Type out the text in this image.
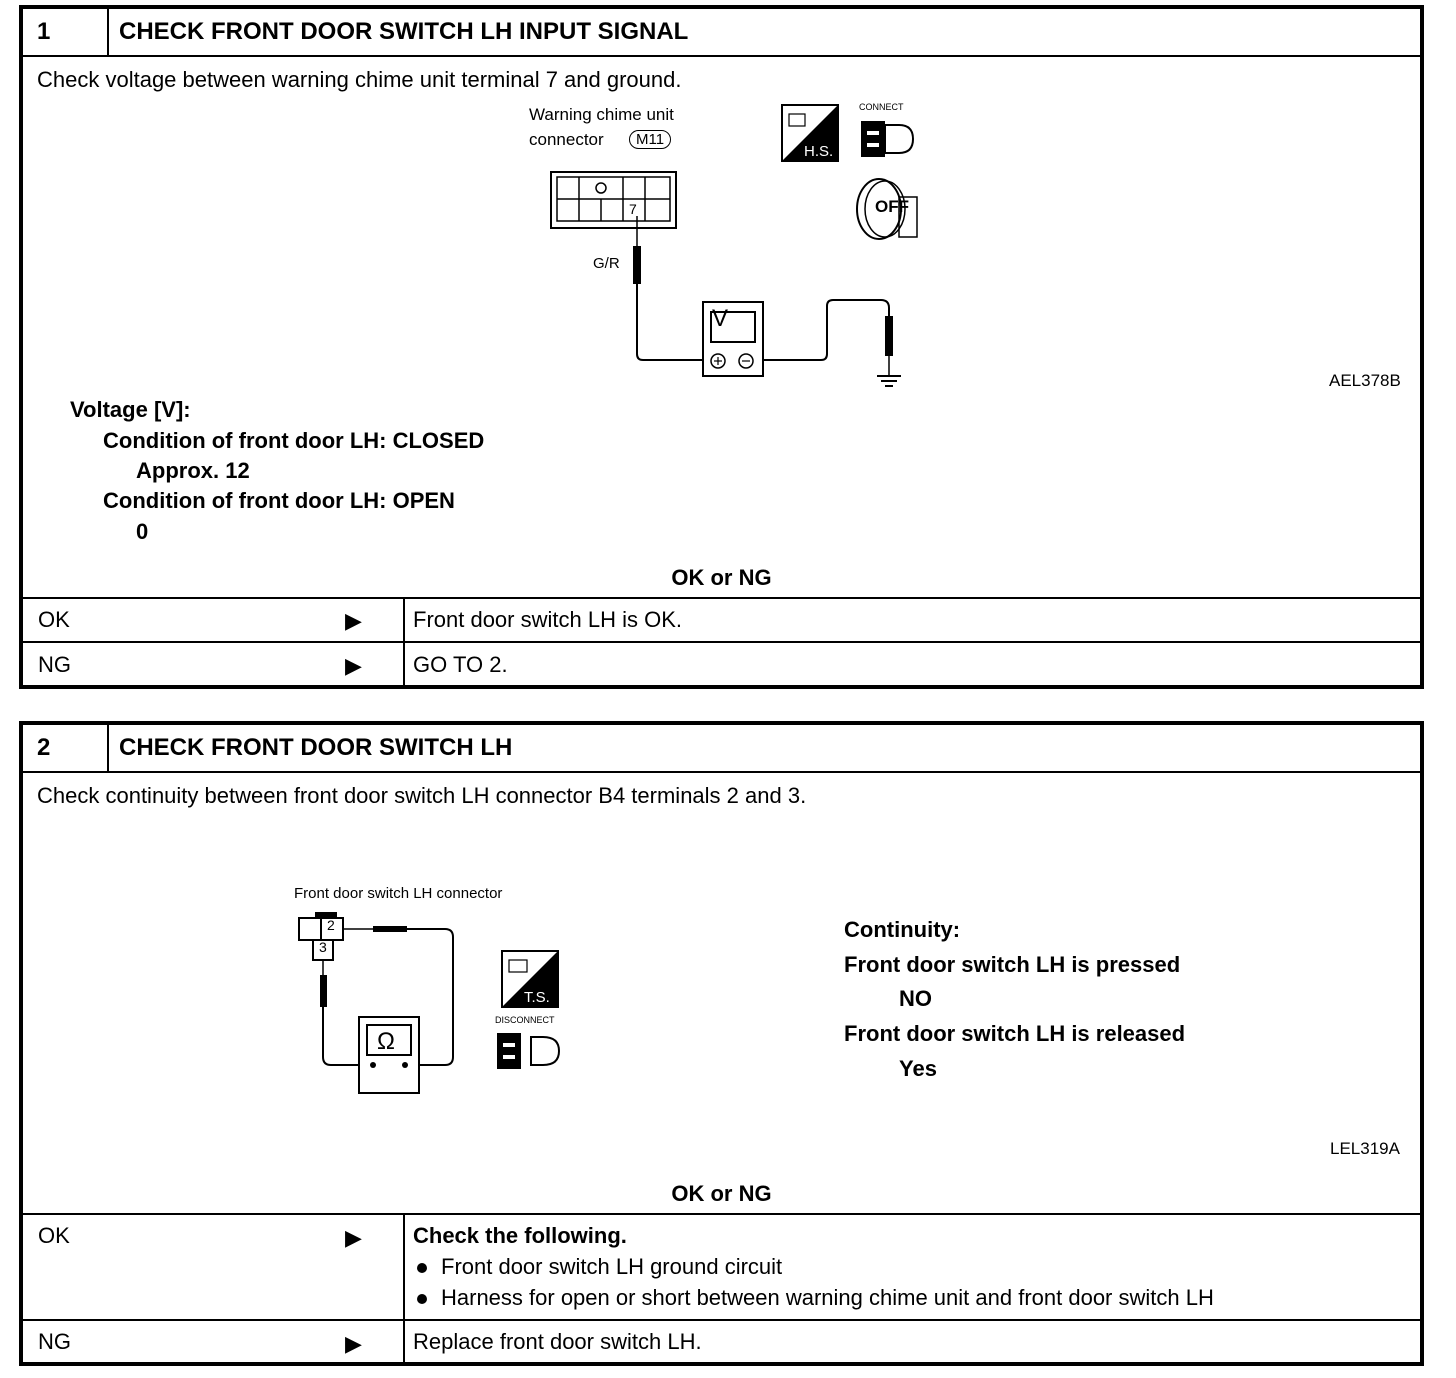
1	CHECK FRONT DOOR SWITCH LH INPUT SIGNAL
Check voltage between warning chime unit terminal 7 and ground.
Warning chime unit
connector	M11
7
G/R
V
H.S.
CONNECT
OFF
AEL378B
Voltage [V]:
Condition of front door LH: CLOSED
Approx. 12
Condition of front door LH: OPEN
0
OK or NG
OK	▶ Front door switch LH is OK.
NG	▶ GO TO 2.
2	CHECK FRONT DOOR SWITCH LH
Check continuity between front door switch LH connector B4 terminals 2 and 3.
Front door switch LH connector
2
3
Ω
T.S.
DISCONNECT
Continuity:
Front door switch LH is pressed
NO
Front door switch LH is released
Yes
LEL319A
OK or NG
OK	▶ Check the following.
Front door switch LH ground circuit
Harness for open or short between warning chime unit and front door switch LH
NG	▶ Replace front door switch LH.
